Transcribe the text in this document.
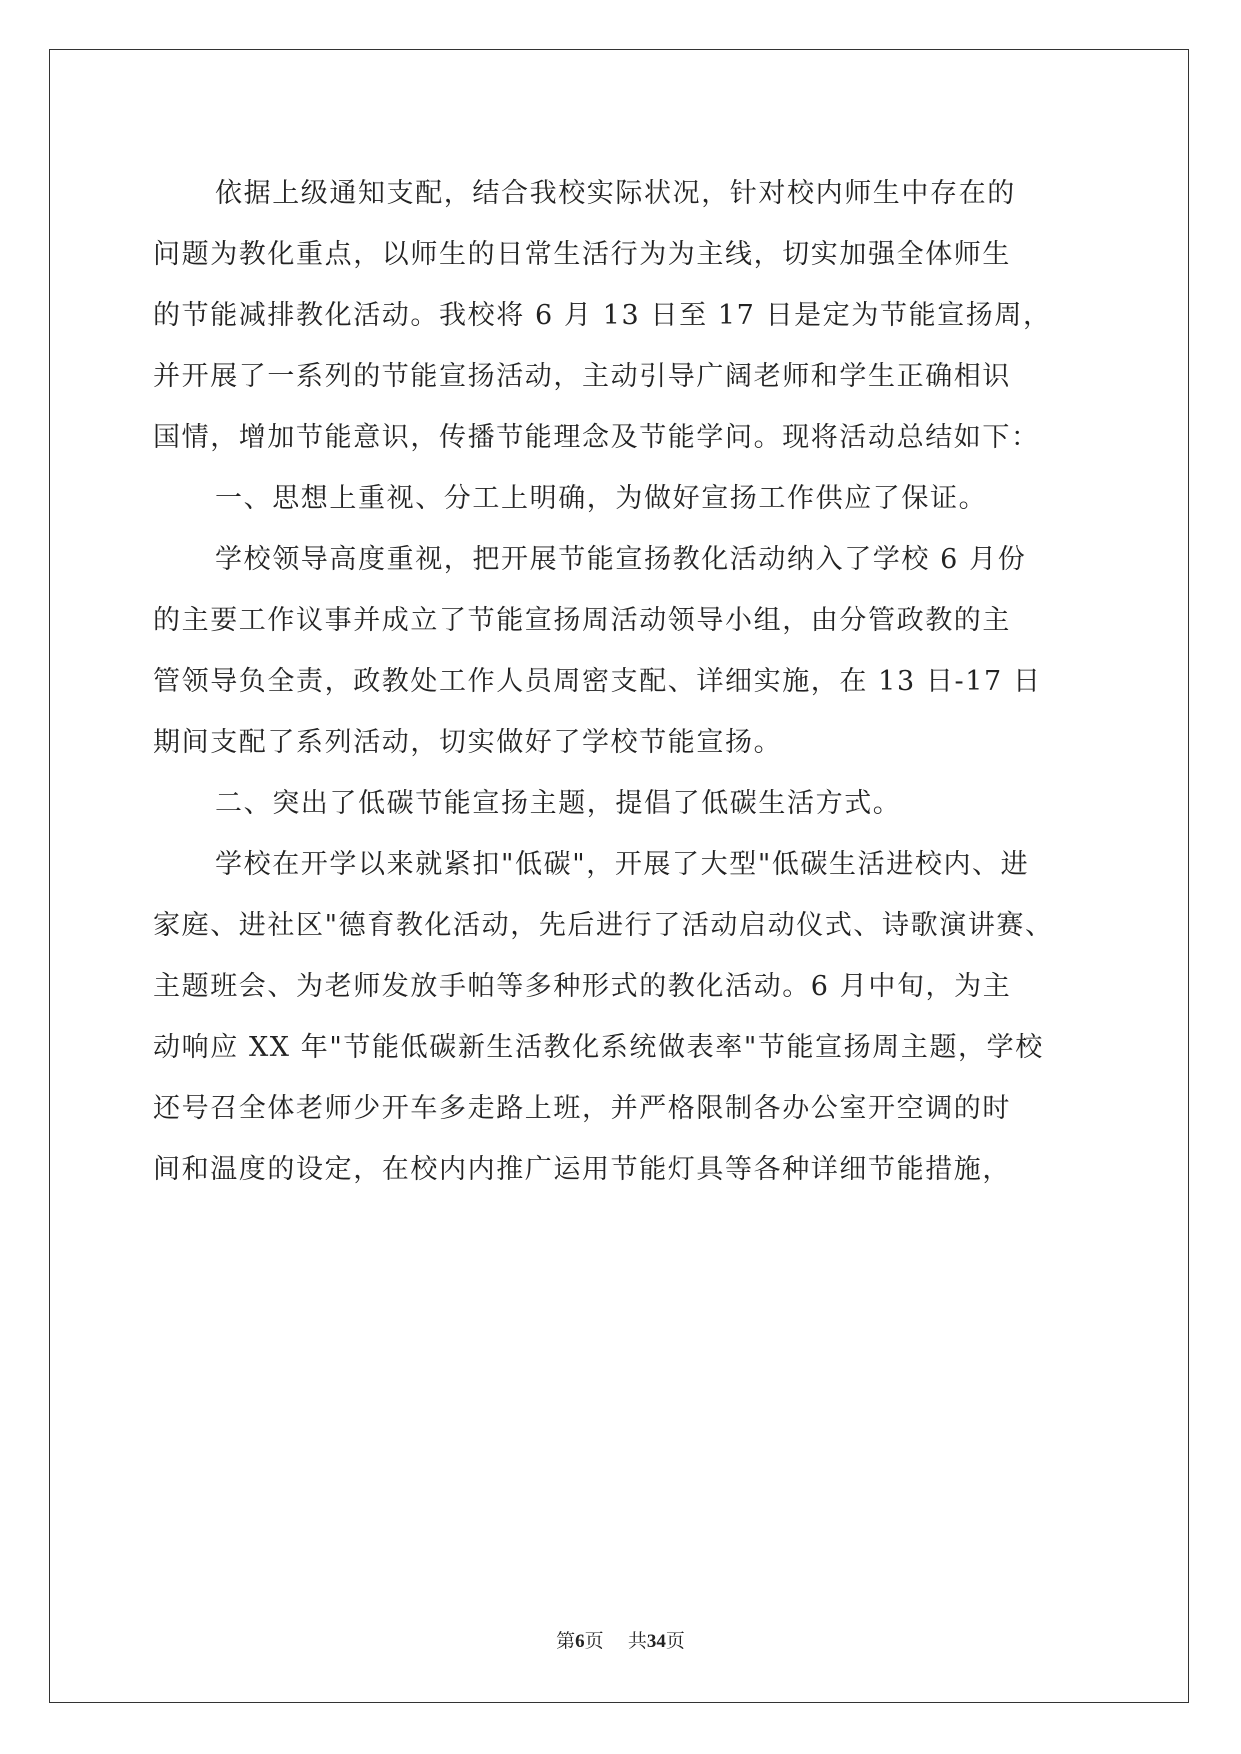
依据上级通知支配，结合我校实际状况，针对校内师生中存在的
问题为教化重点，以师生的日常生活行为为主线，切实加强全体师生
的节能减排教化活动。我校将 6 月 13 日至 17 日是定为节能宣扬周，
并开展了一系列的节能宣扬活动，主动引导广阔老师和学生正确相识
国情，增加节能意识，传播节能理念及节能学问。现将活动总结如下：
一、思想上重视、分工上明确，为做好宣扬工作供应了保证。
学校领导高度重视，把开展节能宣扬教化活动纳入了学校 6 月份
的主要工作议事并成立了节能宣扬周活动领导小组，由分管政教的主
管领导负全责，政教处工作人员周密支配、详细实施，在 13 日-17 日
期间支配了系列活动，切实做好了学校节能宣扬。
二、突出了低碳节能宣扬主题，提倡了低碳生活方式。
学校在开学以来就紧扣"低碳"，开展了大型"低碳生活进校内、进
家庭、进社区"德育教化活动，先后进行了活动启动仪式、诗歌演讲赛、
主题班会、为老师发放手帕等多种形式的教化活动。6 月中旬，为主
动响应 XX 年"节能低碳新生活教化系统做表率"节能宣扬周主题，学校
还号召全体老师少开车多走路上班，并严格限制各办公室开空调的时
间和温度的设定，在校内内推广运用节能灯具等各种详细节能措施，
第6页 共34页
